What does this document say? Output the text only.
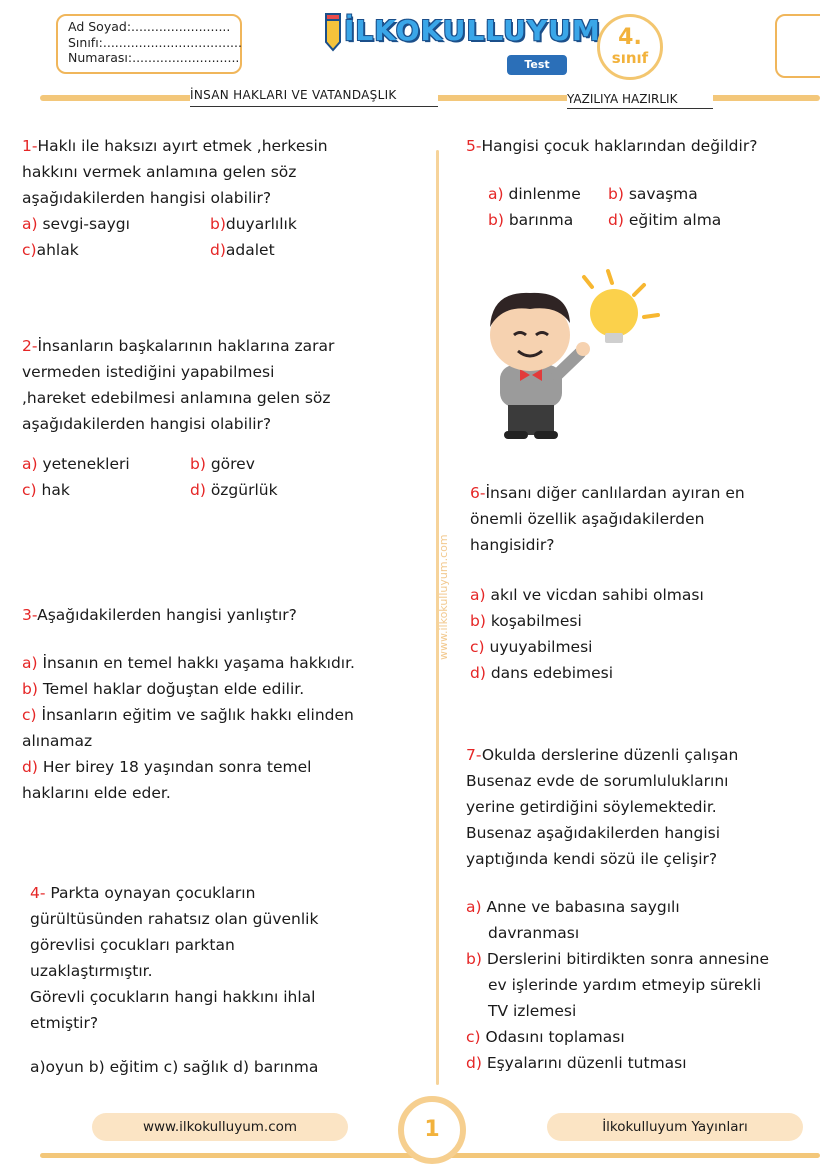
Ad Soyad:.........................
Sınıfı:...................................
Numarası:...........................
İLKOKULLUYUM
Test
4.
sınıf
İNSAN HAKLARI VE VATANDAŞLIK	YAZILIYA HAZIRLIK
1-Haklı ile haksızı ayırt etmek ,herkesin
hakkını vermek anlamına gelen söz
aşağıdakilerden hangisi olabilir?
a) sevgi-saygı	b)duyarlılık
c)ahlak	d)adalet
2-İnsanların başkalarının haklarına zarar
vermeden istediğini yapabilmesi
,hareket edebilmesi anlamına gelen söz
aşağıdakilerden hangisi olabilir?
a) yetenekleri	b) görev
c) hak	d) özgürlük
3-Aşağıdakilerden hangisi yanlıştır?
a) İnsanın en temel hakkı yaşama hakkıdır.
b) Temel haklar doğuştan elde edilir.
c) İnsanların eğitim ve sağlık hakkı elinden alınamaz
d) Her birey 18 yaşından sonra temel haklarını elde eder.
4- Parkta oynayan çocukların
gürültüsünden rahatsız olan güvenlik
görevlisi çocukları parktan
uzaklaştırmıştır.
Görevli çocukların hangi hakkını ihlal
etmiştir?
a)oyun b) eğitim c) sağlık d) barınma
www.ilkokulluyum.com
5-Hangisi çocuk haklarından değildir?
a) dinlenme	b) savaşma
b) barınma	d) eğitim alma
6-İnsanı diğer canlılardan ayıran en
önemli özellik aşağıdakilerden
hangisidir?
a) akıl ve vicdan sahibi olması
b) koşabilmesi
c) uyuyabilmesi
d) dans edebimesi
7-Okulda derslerine düzenli çalışan
Busenaz evde de sorumluluklarını
yerine getirdiğini söylemektedir.
Busenaz aşağıdakilerden hangisi
yaptığında kendi sözü ile çelişir?
a) Anne ve babasına saygılı davranması
b) Derslerini bitirdikten sonra annesine ev işlerinde yardım etmeyip sürekli TV izlemesi
c) Odasını toplaması
d) Eşyalarını düzenli tutması
www.ilkokulluyum.com	İlkokulluyum Yayınları
1
